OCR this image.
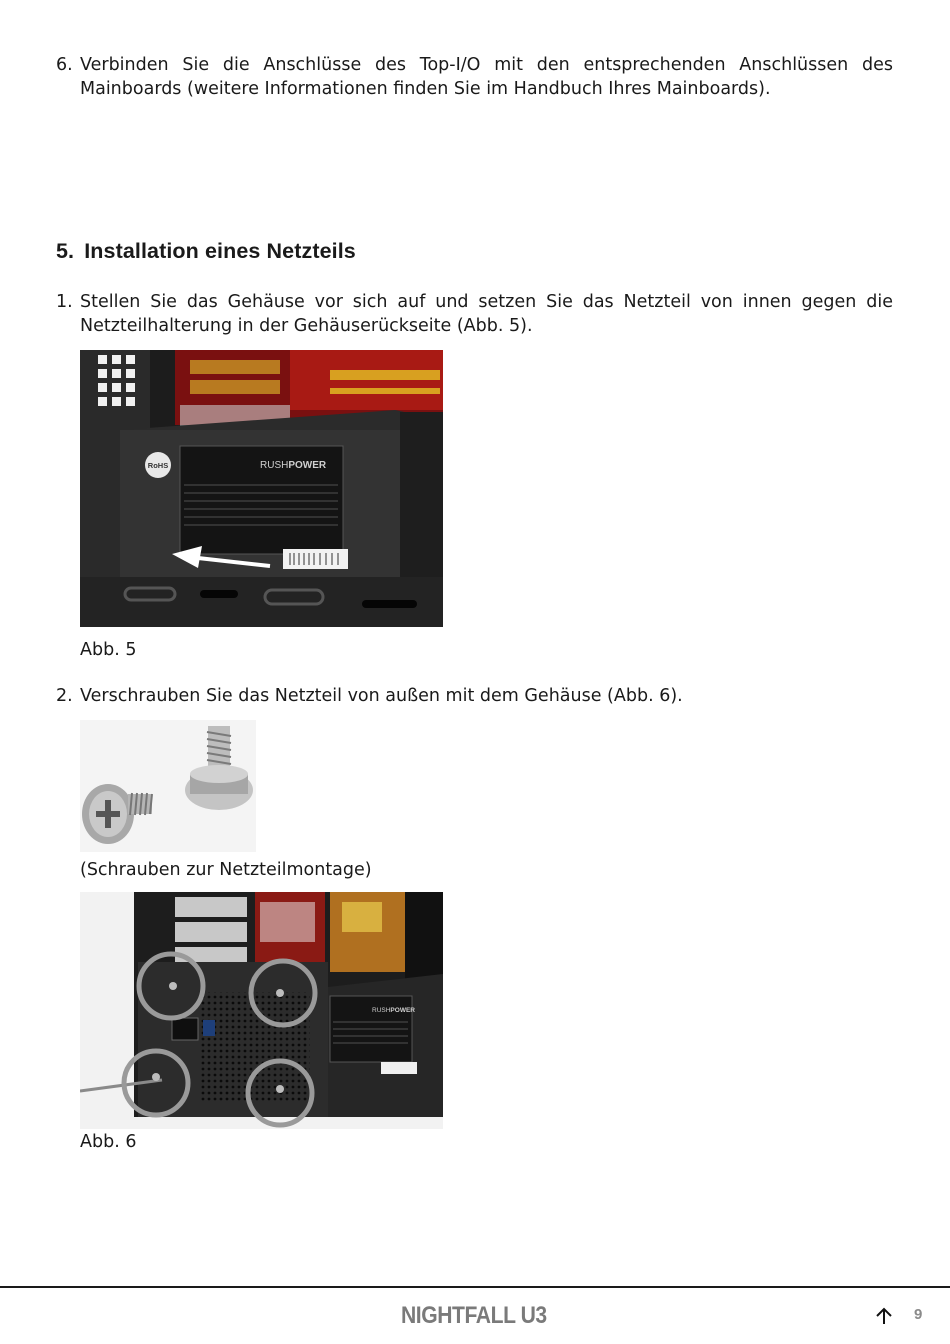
6. Verbinden Sie die Anschlüsse des Top-I/O mit den entsprechenden Anschlüssen des Mainboards (weitere Informationen finden Sie im Handbuch Ihres Mainboards).
5. Installation eines Netzteils
1. Stellen Sie das Gehäuse vor sich auf und setzen Sie das Netzteil von innen gegen die Netzteilhalterung in der Gehäuserückseite (Abb. 5).
RUSHPOWER
RoHS
Abb. 5
2. Verschrauben Sie das Netzteil von außen mit dem Gehäuse (Abb. 6).
(Schrauben zur Netzteilmontage)
RUSHPOWER
Abb. 6
NIGHTFALL U3	9
